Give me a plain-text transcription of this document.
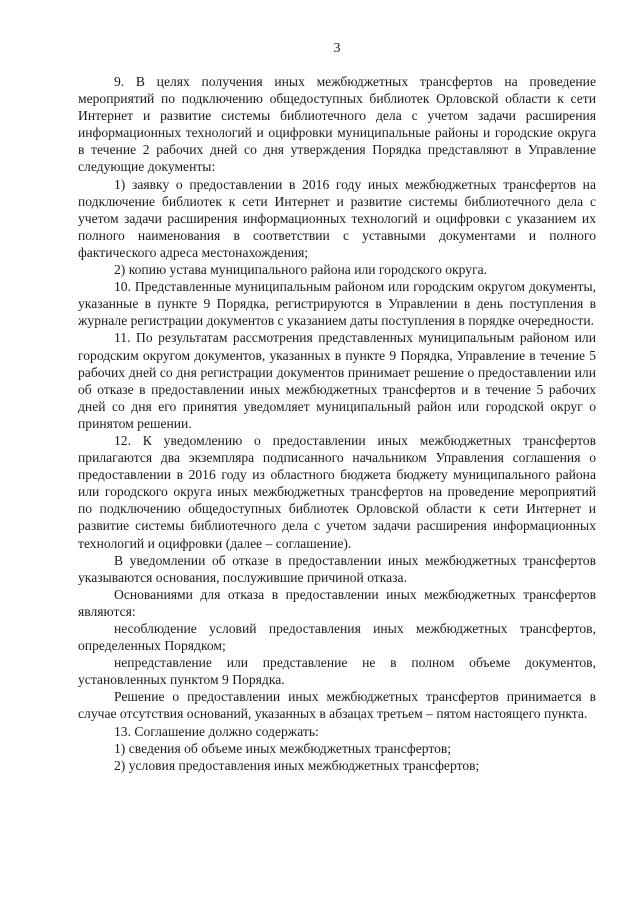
3

9. В целях получения иных межбюджетных трансфертов на проведение мероприятий по подключению общедоступных библиотек Орловской области к сети Интернет и развитие системы библиотечного дела с учетом задачи расширения информационных технологий и оцифровки муниципальные районы и городские округа в течение 2 рабочих дней со дня утверждения Порядка представляют в Управление следующие документы:

1) заявку о предоставлении в 2016 году иных межбюджетных трансфертов на подключение библиотек к сети Интернет и развитие системы библиотечного дела с учетом задачи расширения информационных технологий и оцифровки с указанием их полного наименования в соответствии с уставными документами и полного фактического адреса местонахождения;

2) копию устава муниципального района или городского округа.

10. Представленные муниципальным районом или городским округом документы, указанные в пункте 9 Порядка, регистрируются в Управлении в день поступления в журнале регистрации документов с указанием даты поступления в порядке очередности.

11. По результатам рассмотрения представленных муниципальным районом или городским округом документов, указанных в пункте 9 Порядка, Управление в течение 5 рабочих дней со дня регистрации документов принимает решение о предоставлении или об отказе в предоставлении иных межбюджетных трансфертов и в течение 5 рабочих дней со дня его принятия уведомляет муниципальный район или городской округ о принятом решении.

12. К уведомлению о предоставлении иных межбюджетных трансфертов прилагаются два экземпляра подписанного начальником Управления соглашения о предоставлении в 2016 году из областного бюджета бюджету муниципального района или городского округа иных межбюджетных трансфертов на проведение мероприятий по подключению общедоступных библиотек Орловской области к сети Интернет и развитие системы библиотечного дела с учетом задачи расширения информационных технологий и оцифровки (далее – соглашение).

В уведомлении об отказе в предоставлении иных межбюджетных трансфертов указываются основания, послужившие причиной отказа.

Основаниями для отказа в предоставлении иных межбюджетных трансфертов являются:

несоблюдение условий предоставления иных межбюджетных трансфертов, определенных Порядком;

непредставление или представление не в полном объеме документов, установленных пунктом 9 Порядка.

Решение о предоставлении иных межбюджетных трансфертов принимается в случае отсутствия оснований, указанных в абзацах третьем – пятом настоящего пункта.

13. Соглашение должно содержать:

1) сведения об объеме иных межбюджетных трансфертов;

2) условия предоставления иных межбюджетных трансфертов;
